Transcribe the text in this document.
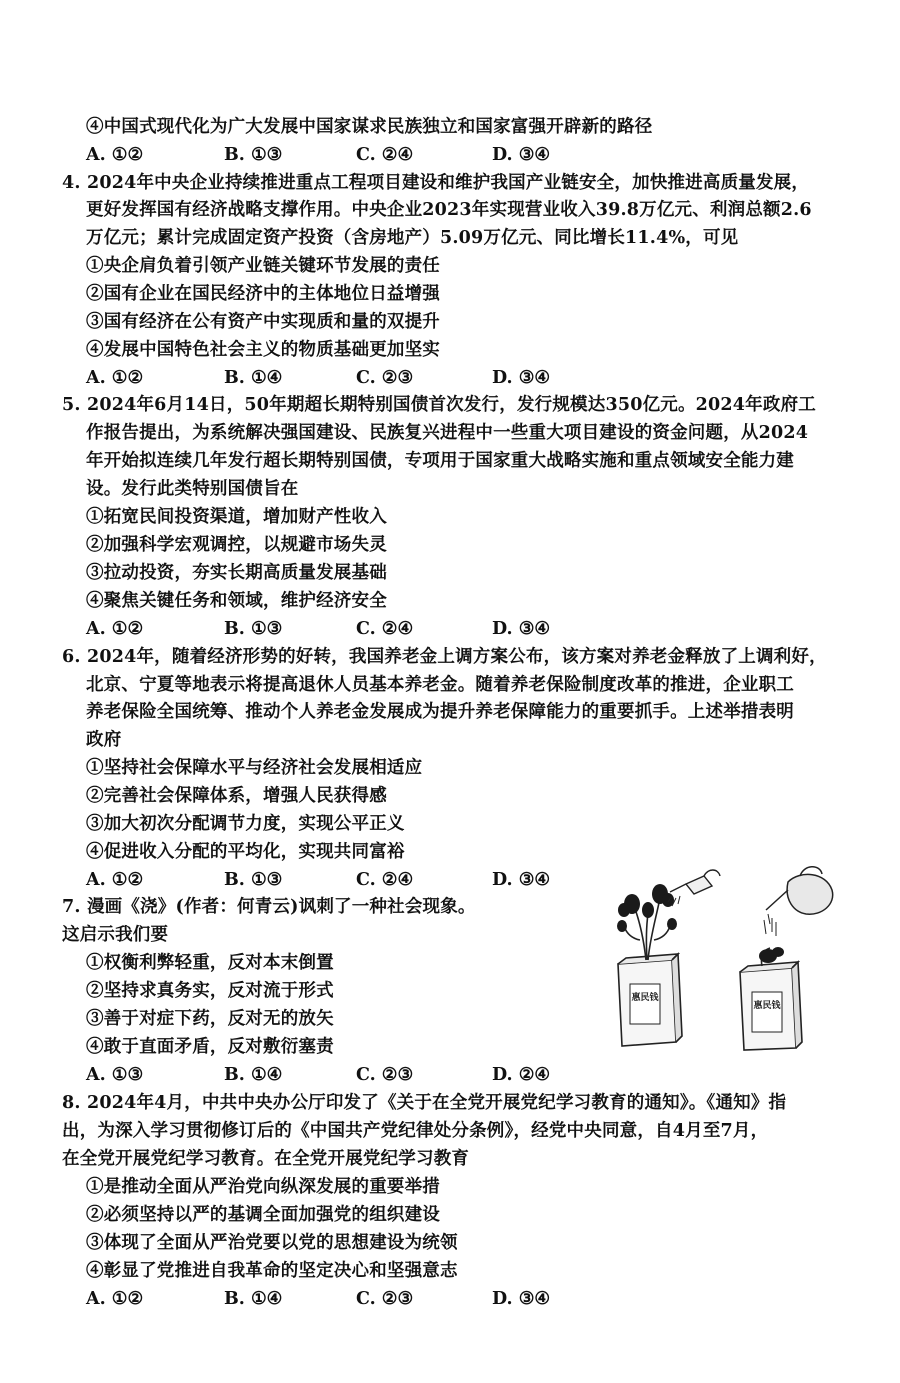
④中国式现代化为广大发展中国家谋求民族独立和国家富强开辟新的路径
A. ①②	B. ①③	C. ②④	D. ③④
4. 2024年中央企业持续推进重点工程项目建设和维护我国产业链安全，加快推进高质量发展，
更好发挥国有经济战略支撑作用。中央企业2023年实现营业收入39.8万亿元、利润总额2.6
万亿元；累计完成固定资产投资（含房地产）5.09万亿元、同比增长11.4%，可见
①央企肩负着引领产业链关键环节发展的责任
②国有企业在国民经济中的主体地位日益增强
③国有经济在公有资产中实现质和量的双提升
④发展中国特色社会主义的物质基础更加坚实
A. ①②	B. ①④	C. ②③	D. ③④
5. 2024年6月14日，50年期超长期特别国债首次发行，发行规模达350亿元。2024年政府工
作报告提出，为系统解决强国建设、民族复兴进程中一些重大项目建设的资金问题，从2024
年开始拟连续几年发行超长期特别国债，专项用于国家重大战略实施和重点领域安全能力建
设。发行此类特别国债旨在
①拓宽民间投资渠道，增加财产性收入
②加强科学宏观调控，以规避市场失灵
③拉动投资，夯实长期高质量发展基础
④聚焦关键任务和领域，维护经济安全
A. ①②	B. ①③	C. ②④	D. ③④
6. 2024年，随着经济形势的好转，我国养老金上调方案公布，该方案对养老金释放了上调利好，
北京、宁夏等地表示将提高退休人员基本养老金。随着养老保险制度改革的推进，企业职工
养老保险全国统筹、推动个人养老金发展成为提升养老保障能力的重要抓手。上述举措表明
政府
①坚持社会保障水平与经济社会发展相适应
②完善社会保障体系，增强人民获得感
③加大初次分配调节力度，实现公平正义
④促进收入分配的平均化，实现共同富裕
A. ①②	B. ①③	C. ②④	D. ③④
7. 漫画《浇》(作者：何青云)讽刺了一种社会现象。
这启示我们要
①权衡利弊轻重，反对本末倒置
②坚持求真务实，反对流于形式
③善于对症下药，反对无的放矢
④敢于直面矛盾，反对敷衍塞责
A. ①③	B. ①④	C. ②③	D. ②④
惠民钱
惠民钱
8. 2024年4月，中共中央办公厅印发了《关于在全党开展党纪学习教育的通知》。《通知》指
出，为深入学习贯彻修订后的《中国共产党纪律处分条例》，经党中央同意，自4月至7月，
在全党开展党纪学习教育。在全党开展党纪学习教育
①是推动全面从严治党向纵深发展的重要举措
②必须坚持以严的基调全面加强党的组织建设
③体现了全面从严治党要以党的思想建设为统领
④彰显了党推进自我革命的坚定决心和坚强意志
A. ①②	B. ①④	C. ②③	D. ③④
